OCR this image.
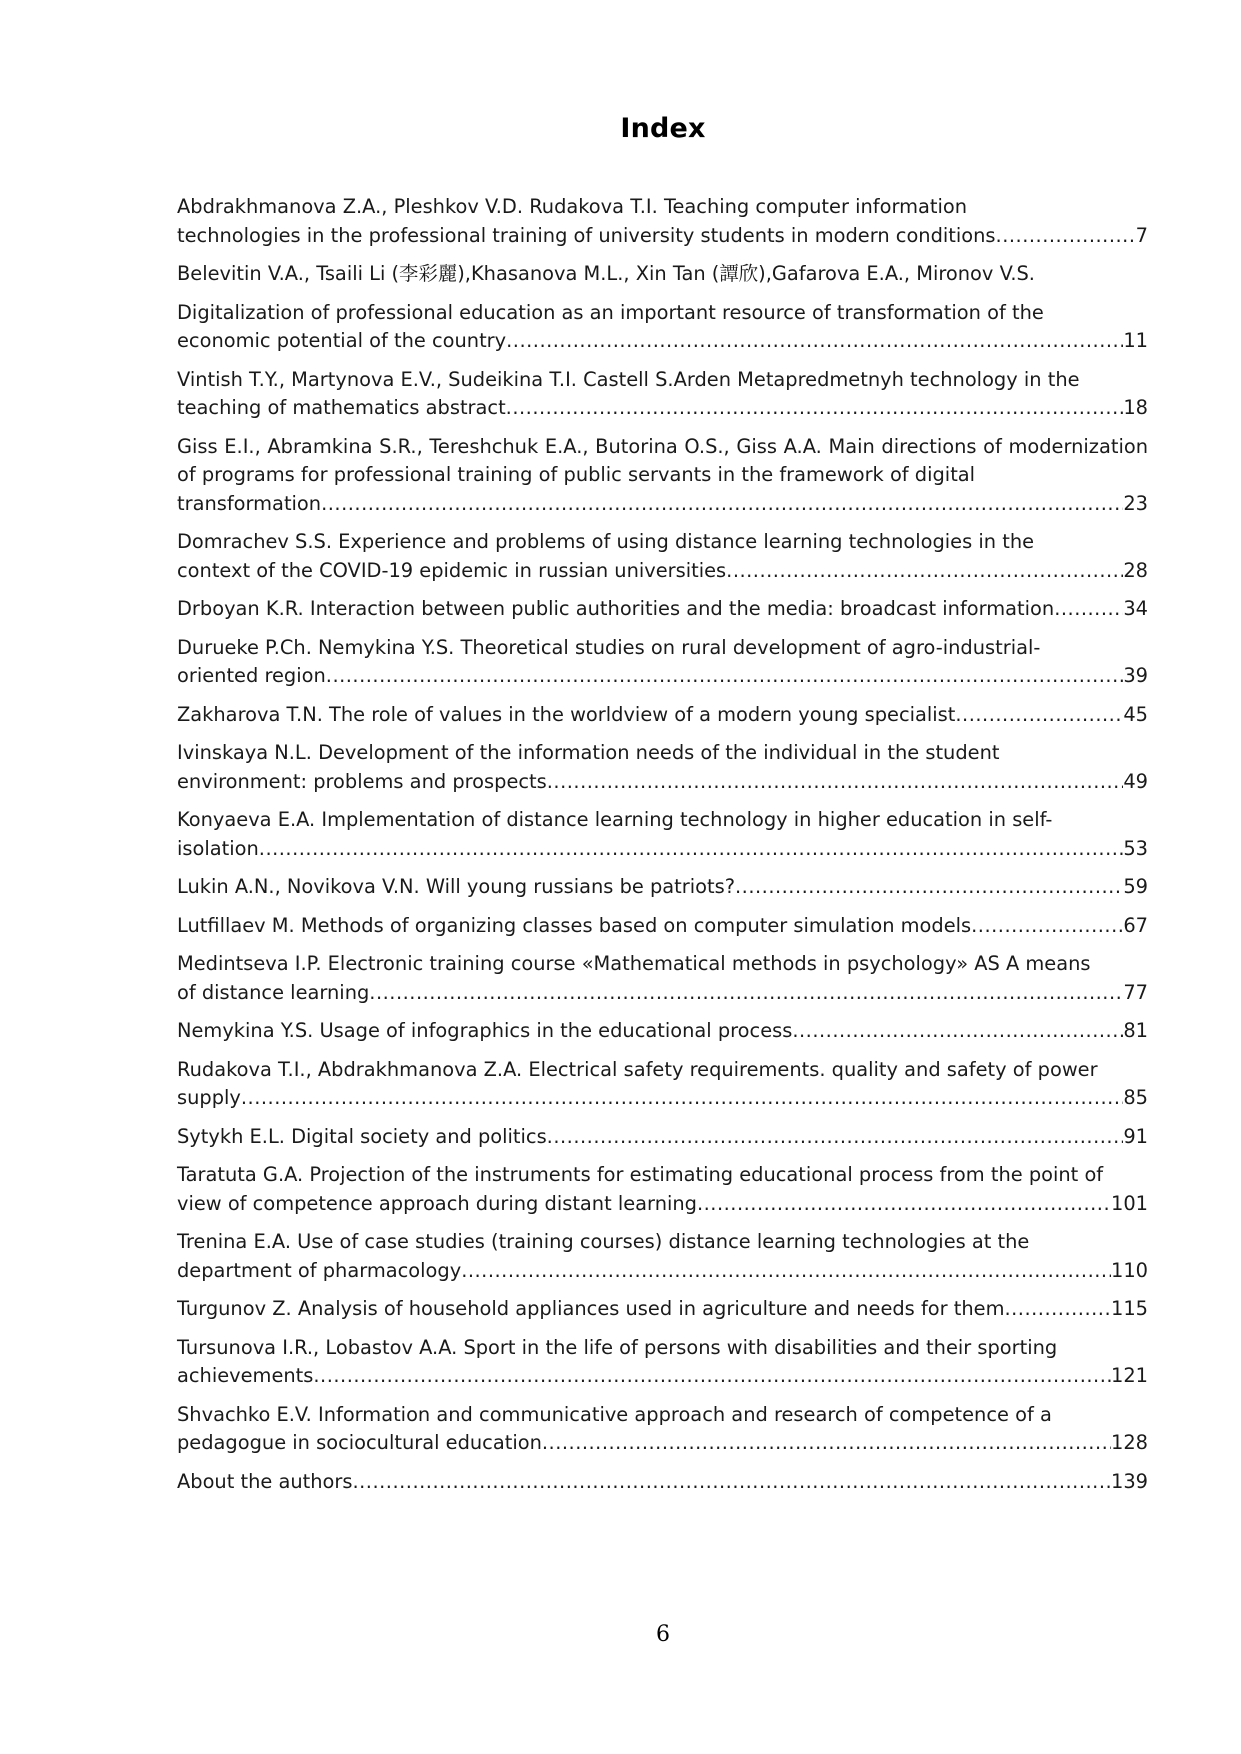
Index
Abdrakhmanova Z.A., Pleshkov V.D. Rudakova T.I. Teaching computer information
technologies in the professional training of university students in modern conditions .....	7
Belevitin V.A., Tsaili Li (李彩麗),Khasanova M.L., Xin Tan (譚欣),Gafarova E.A., Mironov V.S.
Digitalization of professional education as an important resource of transformation of the
economic potential of the country .....	11
Vintish T.Y., Martynova E.V., Sudeikina T.I. Castell S.Arden Metapredmetnyh technology in the
teaching of mathematics abstract .....	18
Giss E.I., Abramkina S.R., Tereshchuk E.A., Butorina O.S., Giss A.A. Main directions of modernization of programs for professional training of public servants in the framework of digital
transformation .....	23
Domrachev S.S. Experience and problems of using distance learning technologies in the
context of the COVID-19 epidemic in russian universities .....	28
Drboyan K.R. Interaction between public authorities and the media: broadcast information .....	34
Durueke P.Ch. Nemykina Y.S. Theoretical studies on rural development of agro-industrial-
oriented region .....	39
Zakharova T.N. The role of values in the worldview of a modern young specialist .....	45
Ivinskaya N.L. Development of the information needs of the individual in the student
environment: problems and prospects .....	49
Konyaeva E.A. Implementation of distance learning technology in higher education in self-
isolation .....	53
Lukin A.N., Novikova V.N. Will young russians be patriots? .....	59
Lutfillaev M. Methods of organizing classes based on computer simulation models .....	67
Medintseva I.P. Electronic training course «Mathematical methods in psychology» AS A means
of distance learning .....	77
Nemykina Y.S. Usage of infographics in the educational process .....	81
Rudakova T.I., Abdrakhmanova Z.A. Electrical safety requirements. quality and safety of power
supply .....	85
Sytykh E.L. Digital society and politics .....	91
Taratuta G.A. Projection of the instruments for estimating educational process from the point of
view of competence approach during distant learning .....	101
Trenina E.A. Use of case studies (training courses) distance learning technologies at the
department of pharmacology .....	110
Turgunov Z. Analysis of household appliances used in agriculture and needs for them .....	115
Tursunova I.R., Lobastov A.A. Sport in the life of persons with disabilities and their sporting
achievements .....	121
Shvachko E.V. Information and communicative approach and research of competence of a
pedagogue in sociocultural education .....	128
About the authors .....	139
6
